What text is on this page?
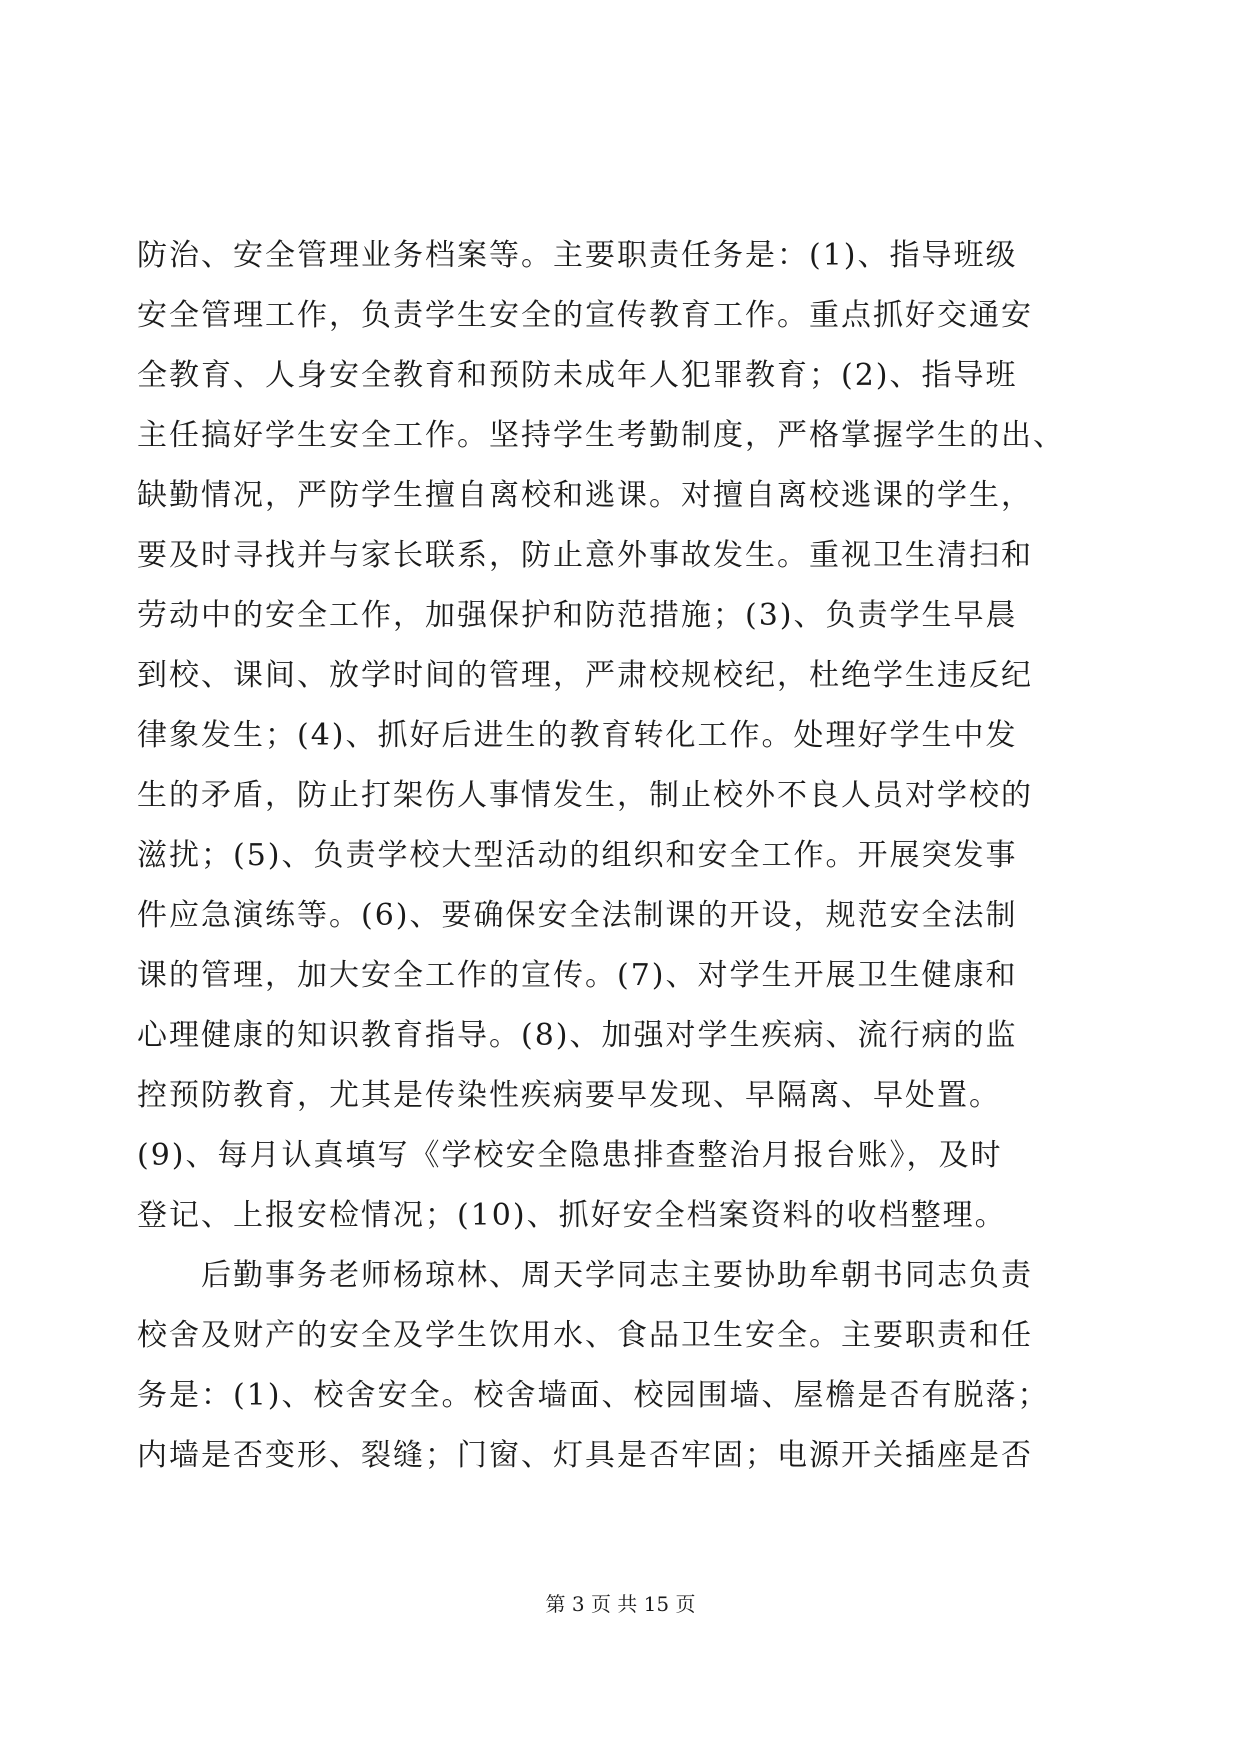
防治、安全管理业务档案等。主要职责任务是：(1)、指导班级
安全管理工作，负责学生安全的宣传教育工作。重点抓好交通安
全教育、人身安全教育和预防未成年人犯罪教育；(2)、指导班
主任搞好学生安全工作。坚持学生考勤制度，严格掌握学生的出、
缺勤情况，严防学生擅自离校和逃课。对擅自离校逃课的学生，
要及时寻找并与家长联系，防止意外事故发生。重视卫生清扫和
劳动中的安全工作，加强保护和防范措施；(3)、负责学生早晨
到校、课间、放学时间的管理，严肃校规校纪，杜绝学生违反纪
律象发生；(4)、抓好后进生的教育转化工作。处理好学生中发
生的矛盾，防止打架伤人事情发生，制止校外不良人员对学校的
滋扰；(5)、负责学校大型活动的组织和安全工作。开展突发事
件应急演练等。(6)、要确保安全法制课的开设，规范安全法制
课的管理，加大安全工作的宣传。(7)、对学生开展卫生健康和
心理健康的知识教育指导。(8)、加强对学生疾病、流行病的监
控预防教育，尤其是传染性疾病要早发现、早隔离、早处置。
(9)、每月认真填写《学校安全隐患排查整治月报台账》，及时
登记、上报安检情况；(10)、抓好安全档案资料的收档整理。
　　后勤事务老师杨琼林、周天学同志主要协助牟朝书同志负责
校舍及财产的安全及学生饮用水、食品卫生安全。主要职责和任
务是：(1)、校舍安全。校舍墙面、校园围墙、屋檐是否有脱落；
内墙是否变形、裂缝；门窗、灯具是否牢固；电源开关插座是否
第 3 页 共 15 页
